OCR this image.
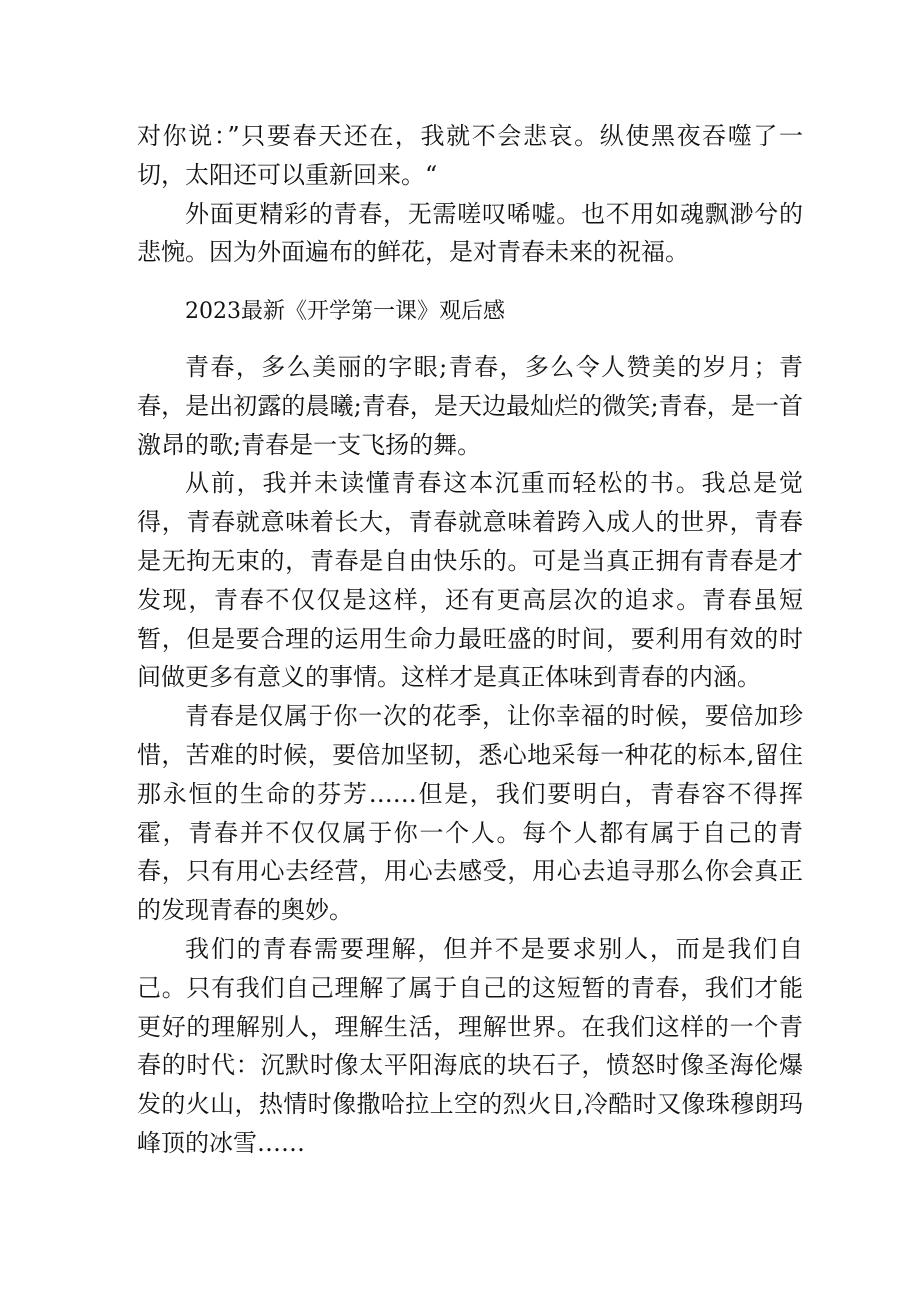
对你说：”只要春天还在，我就不会悲哀。纵使黑夜吞噬了一切，太阳还可以重新回来。“

外面更精彩的青春，无需嗟叹唏嘘。也不用如魂飘渺兮的悲惋。因为外面遍布的鲜花，是对青春未来的祝福。

2023最新《开学第一课》观后感

青春，多么美丽的字眼;青春，多么令人赞美的岁月；青春，是出初露的晨曦;青春，是天边最灿烂的微笑;青春，是一首激昂的歌;青春是一支飞扬的舞。

从前，我并未读懂青春这本沉重而轻松的书。我总是觉得，青春就意味着长大，青春就意味着跨入成人的世界，青春是无拘无束的，青春是自由快乐的。可是当真正拥有青春是才发现，青春不仅仅是这样，还有更高层次的追求。青春虽短暂，但是要合理的运用生命力最旺盛的时间，要利用有效的时间做更多有意义的事情。这样才是真正体味到青春的内涵。

青春是仅属于你一次的花季，让你幸福的时候，要倍加珍惜，苦难的时候，要倍加坚韧，悉心地采每一种花的标本,留住那永恒的生命的芬芳……但是，我们要明白，青春容不得挥霍，青春并不仅仅属于你一个人。每个人都有属于自己的青春，只有用心去经营，用心去感受，用心去追寻那么你会真正的发现青春的奥妙。

我们的青春需要理解，但并不是要求别人，而是我们自己。只有我们自己理解了属于自己的这短暂的青春，我们才能更好的理解别人，理解生活，理解世界。在我们这样的一个青春的时代：沉默时像太平阳海底的块石子，愤怒时像圣海伦爆发的火山，热情时像撒哈拉上空的烈火日,冷酷时又像珠穆朗玛峰顶的冰雪……
